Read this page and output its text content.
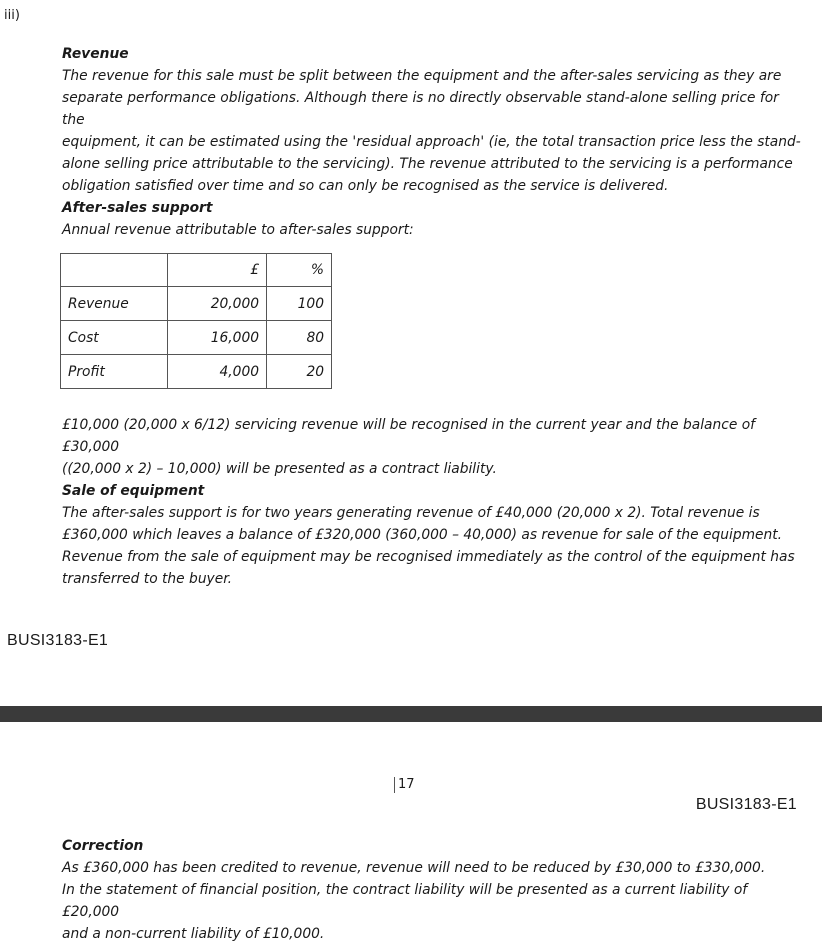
iii)
Revenue
The revenue for this sale must be split between the equipment and the after-sales servicing as they are
separate performance obligations. Although there is no directly observable stand-alone selling price for the
equipment, it can be estimated using the 'residual approach' (ie, the total transaction price less the stand-
alone selling price attributable to the servicing). The revenue attributed to the servicing is a performance
obligation satisfied over time and so can only be recognised as the service is delivered.
After-sales support
Annual revenue attributable to after-sales support:
	£	%
Revenue	20,000	100
Cost	16,000	80
Profit	4,000	20
£10,000 (20,000 x 6/12) servicing revenue will be recognised in the current year and the balance of £30,000
((20,000 x 2) – 10,000) will be presented as a contract liability.
Sale of equipment
The after-sales support is for two years generating revenue of £40,000 (20,000 x 2). Total revenue is
£360,000 which leaves a balance of £320,000 (360,000 – 40,000) as revenue for sale of the equipment.
Revenue from the sale of equipment may be recognised immediately as the control of the equipment has
transferred to the buyer.
BUSI3183-E1
17
BUSI3183-E1
Correction
As £360,000 has been credited to revenue, revenue will need to be reduced by £30,000 to £330,000.
In the statement of financial position, the contract liability will be presented as a current liability of £20,000
and a non-current liability of £10,000.
